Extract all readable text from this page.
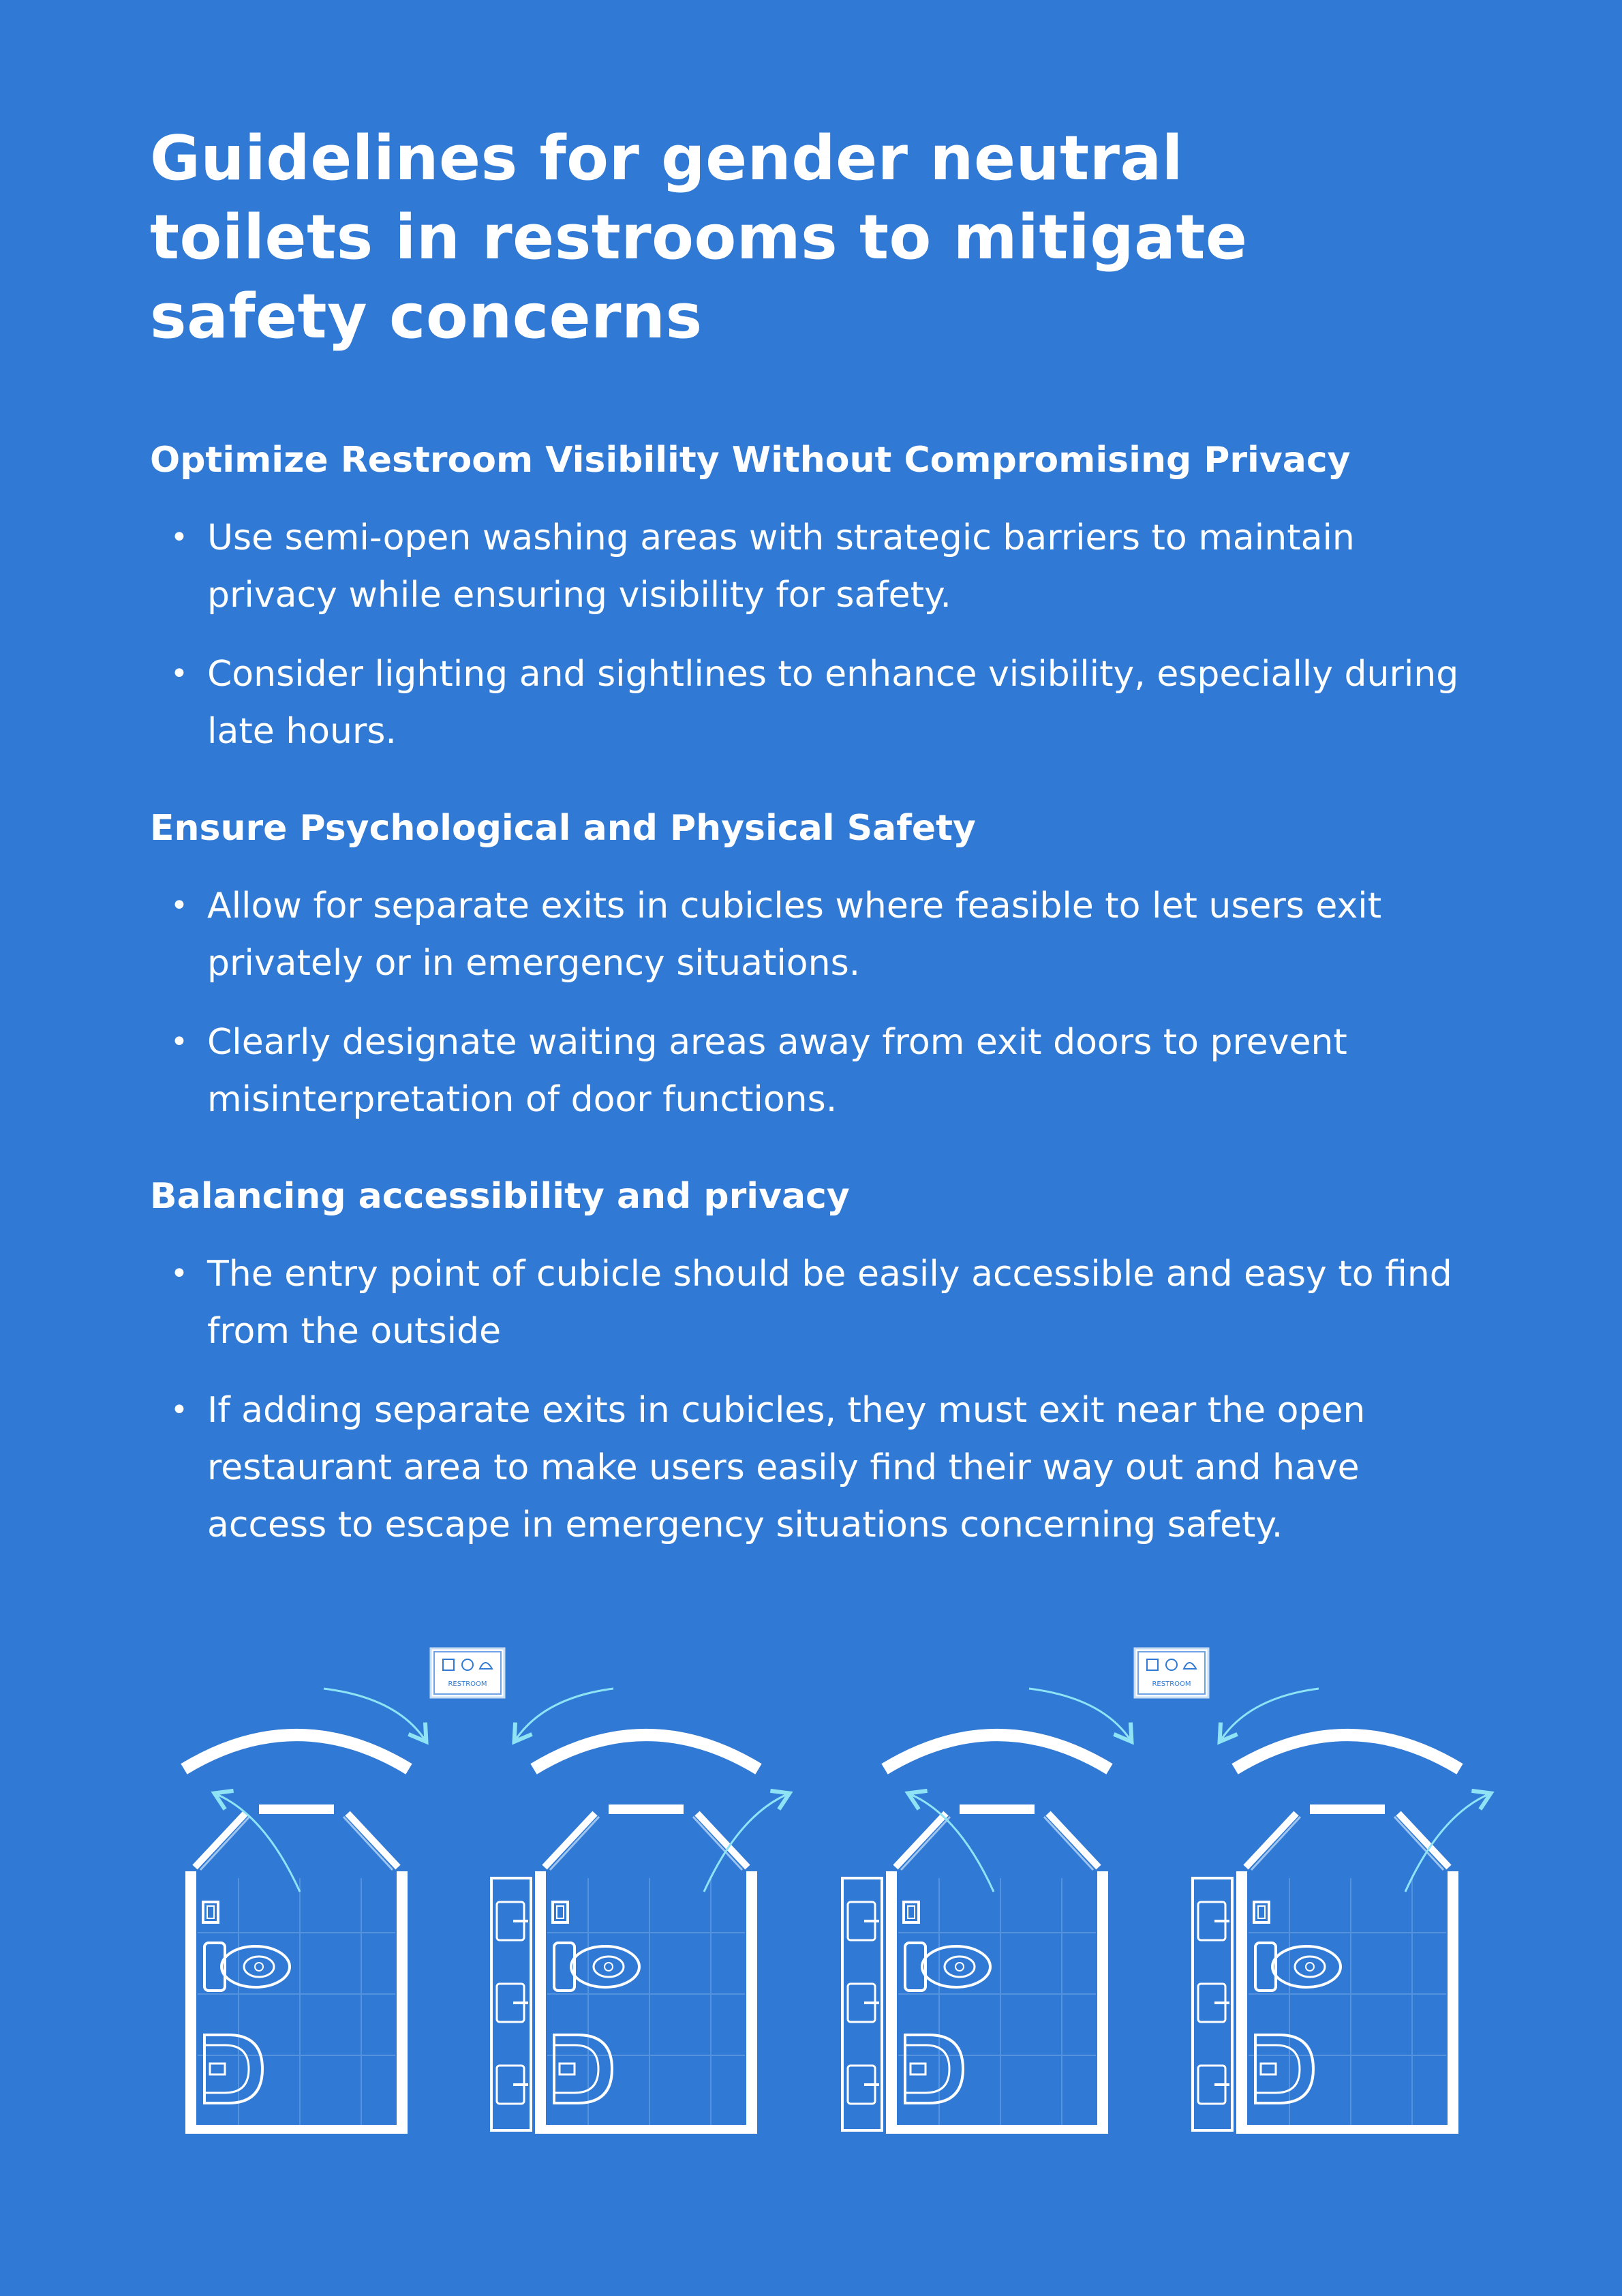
Guidelines for gender neutral toilets in restrooms to mitigate safety concerns
Optimize Restroom Visibility Without Compromising Privacy
• Use semi-open washing areas with strategic barriers to maintain privacy while ensuring visibility for safety.
• Consider lighting and sightlines to enhance visibility, especially during late hours.
Ensure Psychological and Physical Safety
• Allow for separate exits in cubicles where feasible to let users exit privately or in emergency situations.
• Clearly designate waiting areas away from exit doors to prevent misinterpretation of door functions.
Balancing accessibility and privacy
• The entry point of cubicle should be easily accessible and easy to find from the outside
• If adding separate exits in cubicles, they must exit near the open restaurant area to make users easily find their way out and have access to escape in emergency situations concerning safety.
RESTROOM	RESTROOM
